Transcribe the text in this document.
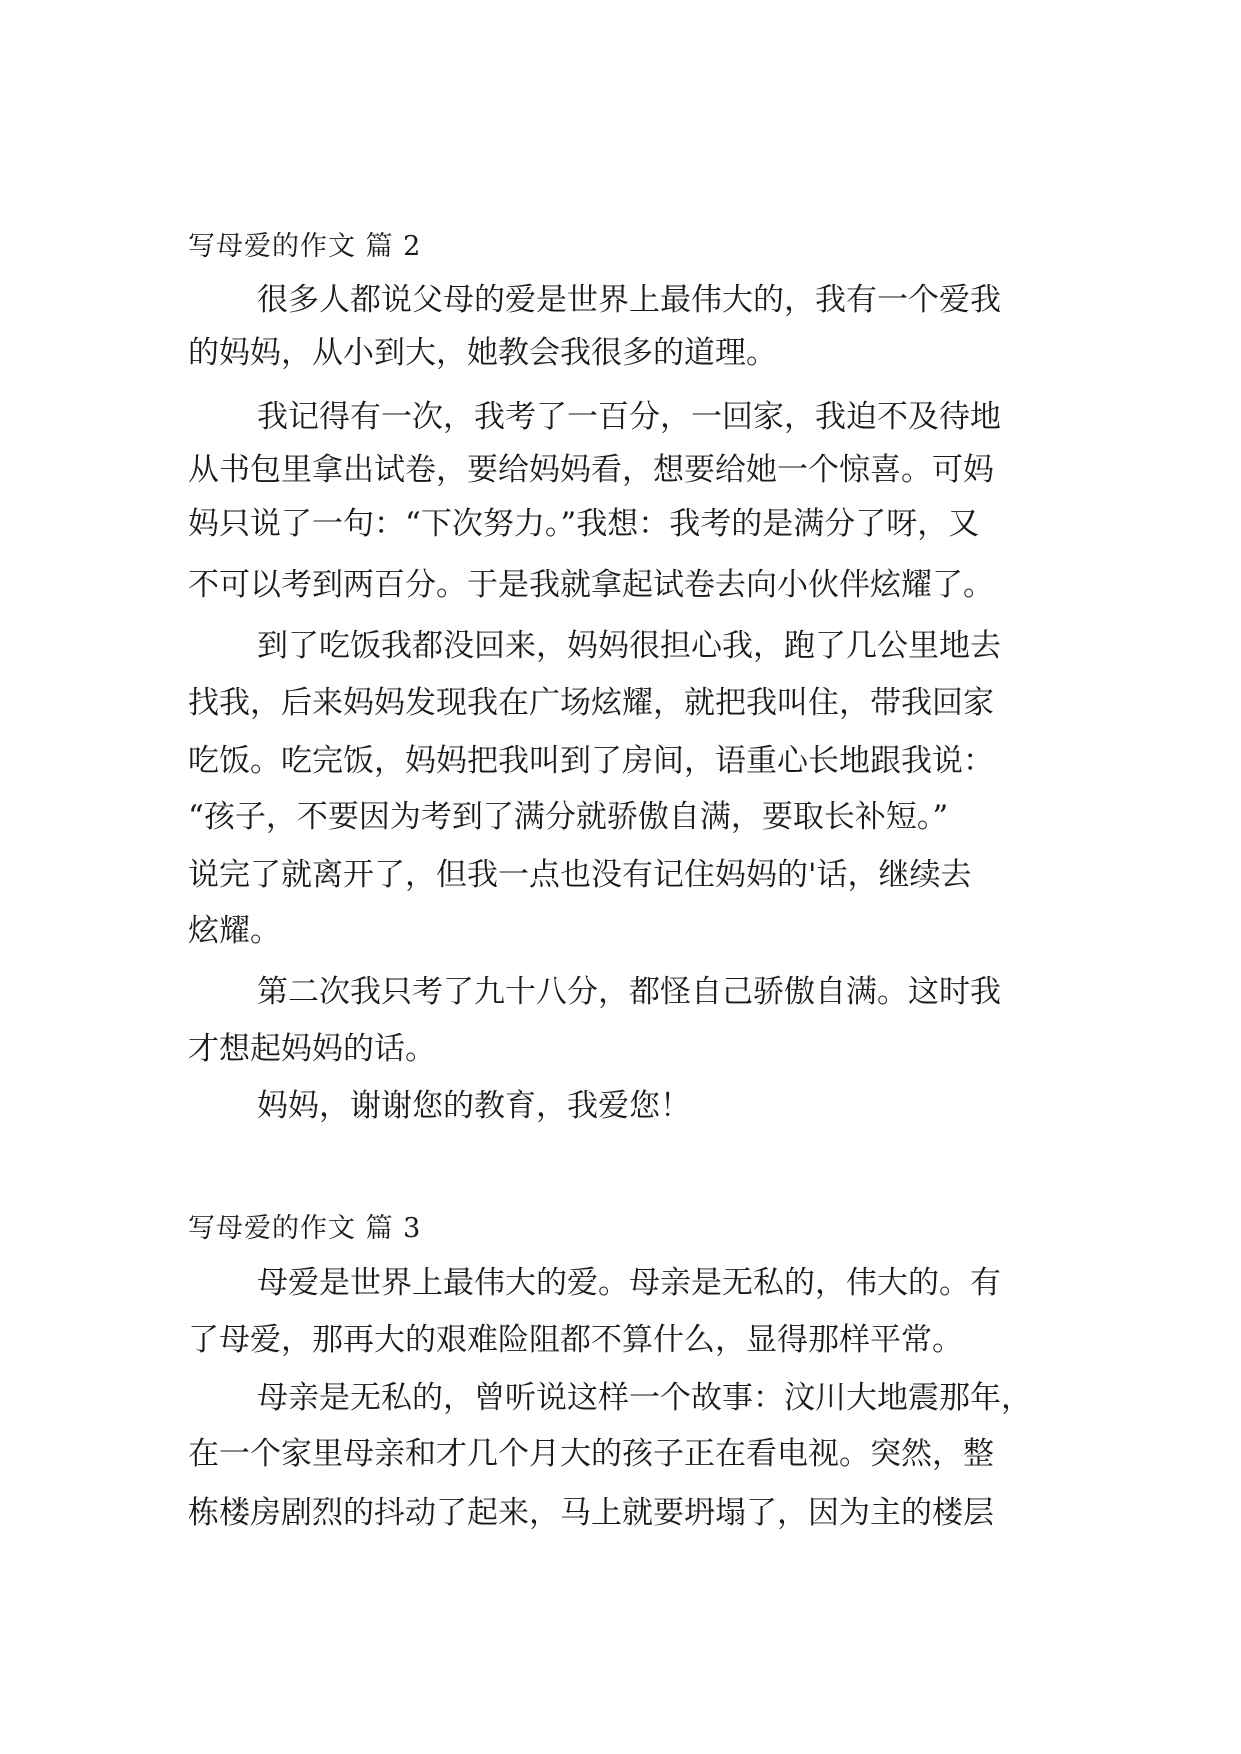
写母爱的作文 篇 2
很多人都说父母的爱是世界上最伟大的，我有一个爱我
的妈妈，从小到大，她教会我很多的道理。
我记得有一次，我考了一百分，一回家，我迫不及待地
从书包里拿出试卷，要给妈妈看，想要给她一个惊喜。可妈
妈只说了一句：“下次努力。”我想：我考的是满分了呀，又
不可以考到两百分。于是我就拿起试卷去向小伙伴炫耀了。
到了吃饭我都没回来，妈妈很担心我，跑了几公里地去
找我，后来妈妈发现我在广场炫耀，就把我叫住，带我回家
吃饭。吃完饭，妈妈把我叫到了房间，语重心长地跟我说：
“孩子，不要因为考到了满分就骄傲自满，要取长补短。”
说完了就离开了，但我一点也没有记住妈妈的'话，继续去
炫耀。
第二次我只考了九十八分，都怪自己骄傲自满。这时我
才想起妈妈的话。
妈妈，谢谢您的教育，我爱您！
写母爱的作文 篇 3
母爱是世界上最伟大的爱。母亲是无私的，伟大的。有
了母爱，那再大的艰难险阻都不算什么，显得那样平常。
母亲是无私的，曾听说这样一个故事：汶川大地震那年，
在一个家里母亲和才几个月大的孩子正在看电视。突然，整
栋楼房剧烈的抖动了起来，马上就要坍塌了，因为主的楼层
